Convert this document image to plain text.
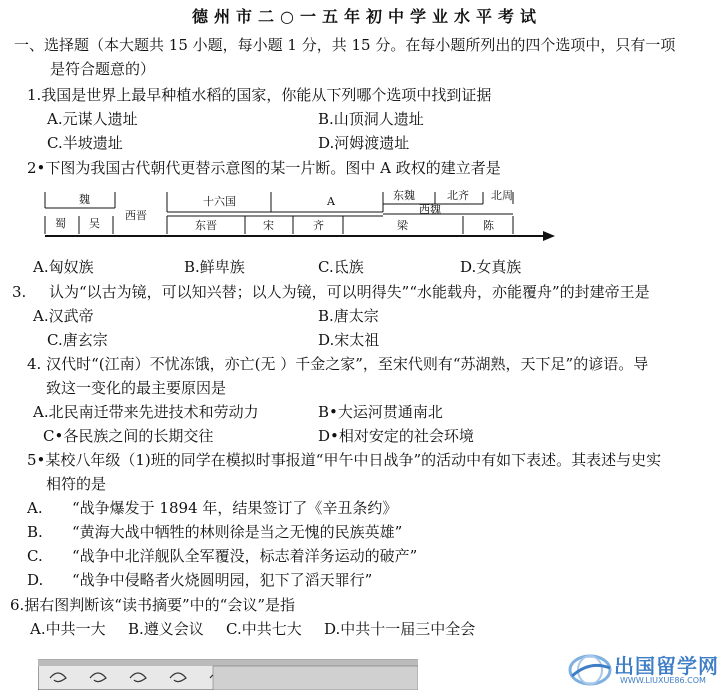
德州市二○一五年初中学业水平考试
一、选择题（本大题共 15 小题，每小题 1 分，共 15 分。在每小题所列出的四个选项中，只有一项
是符合题意的）
1.我国是世界上最早种植水稻的国家，你能从下列哪个选项中找到证据
A.元谋人遗址	B.山顶洞人遗址
C.半坡遗址	D.河姆渡遗址
2•下图为我国古代朝代更替示意图的某一片断。图中 A 政权的建立者是
魏	十六国	A	东魏	北齐 北周
西魏
蜀 吴
西晋
东晋	宋	齐	梁	陈
A.匈奴族	B.鲜卑族	C.氐族	D.女真族
3. 认为“以古为镜，可以知兴替；以人为镜，可以明得失”“水能载舟，亦能覆舟”的封建帝王是
A.汉武帝	B.唐太宗
C.唐玄宗	D.宋太祖
4. 汉代时“(江南）不忧冻饿，亦亡(无 ）千金之家”，至宋代则有“苏湖熟，天下足”的谚语。导
致这一变化的最主要原因是
A.北民南迁带来先进技术和劳动力	B•大运河贯通南北
C•各民族之间的长期交往	D•相对安定的社会环境
5•某校八年级（1)班的同学在模拟时事报道“甲午中日战争”的活动中有如下表述。其表述与史实
相符的是
A. “战争爆发于 1894 年，结果签订了《辛丑条约》
B. “黄海大战中牺牲的林则徐是当之无愧的民族英雄”
C. “战争中北洋舰队全军覆没，标志着洋务运动的破产”
D. “战争中侵略者火烧圆明园，犯下了滔天罪行”
6.据右图判断该“读书摘要”中的“会议”是指
A.中共一大 B.遵义会议 C.中共七大 D.中共十一届三中全会
出国留学网
WWW.LIUXUE86.COM
